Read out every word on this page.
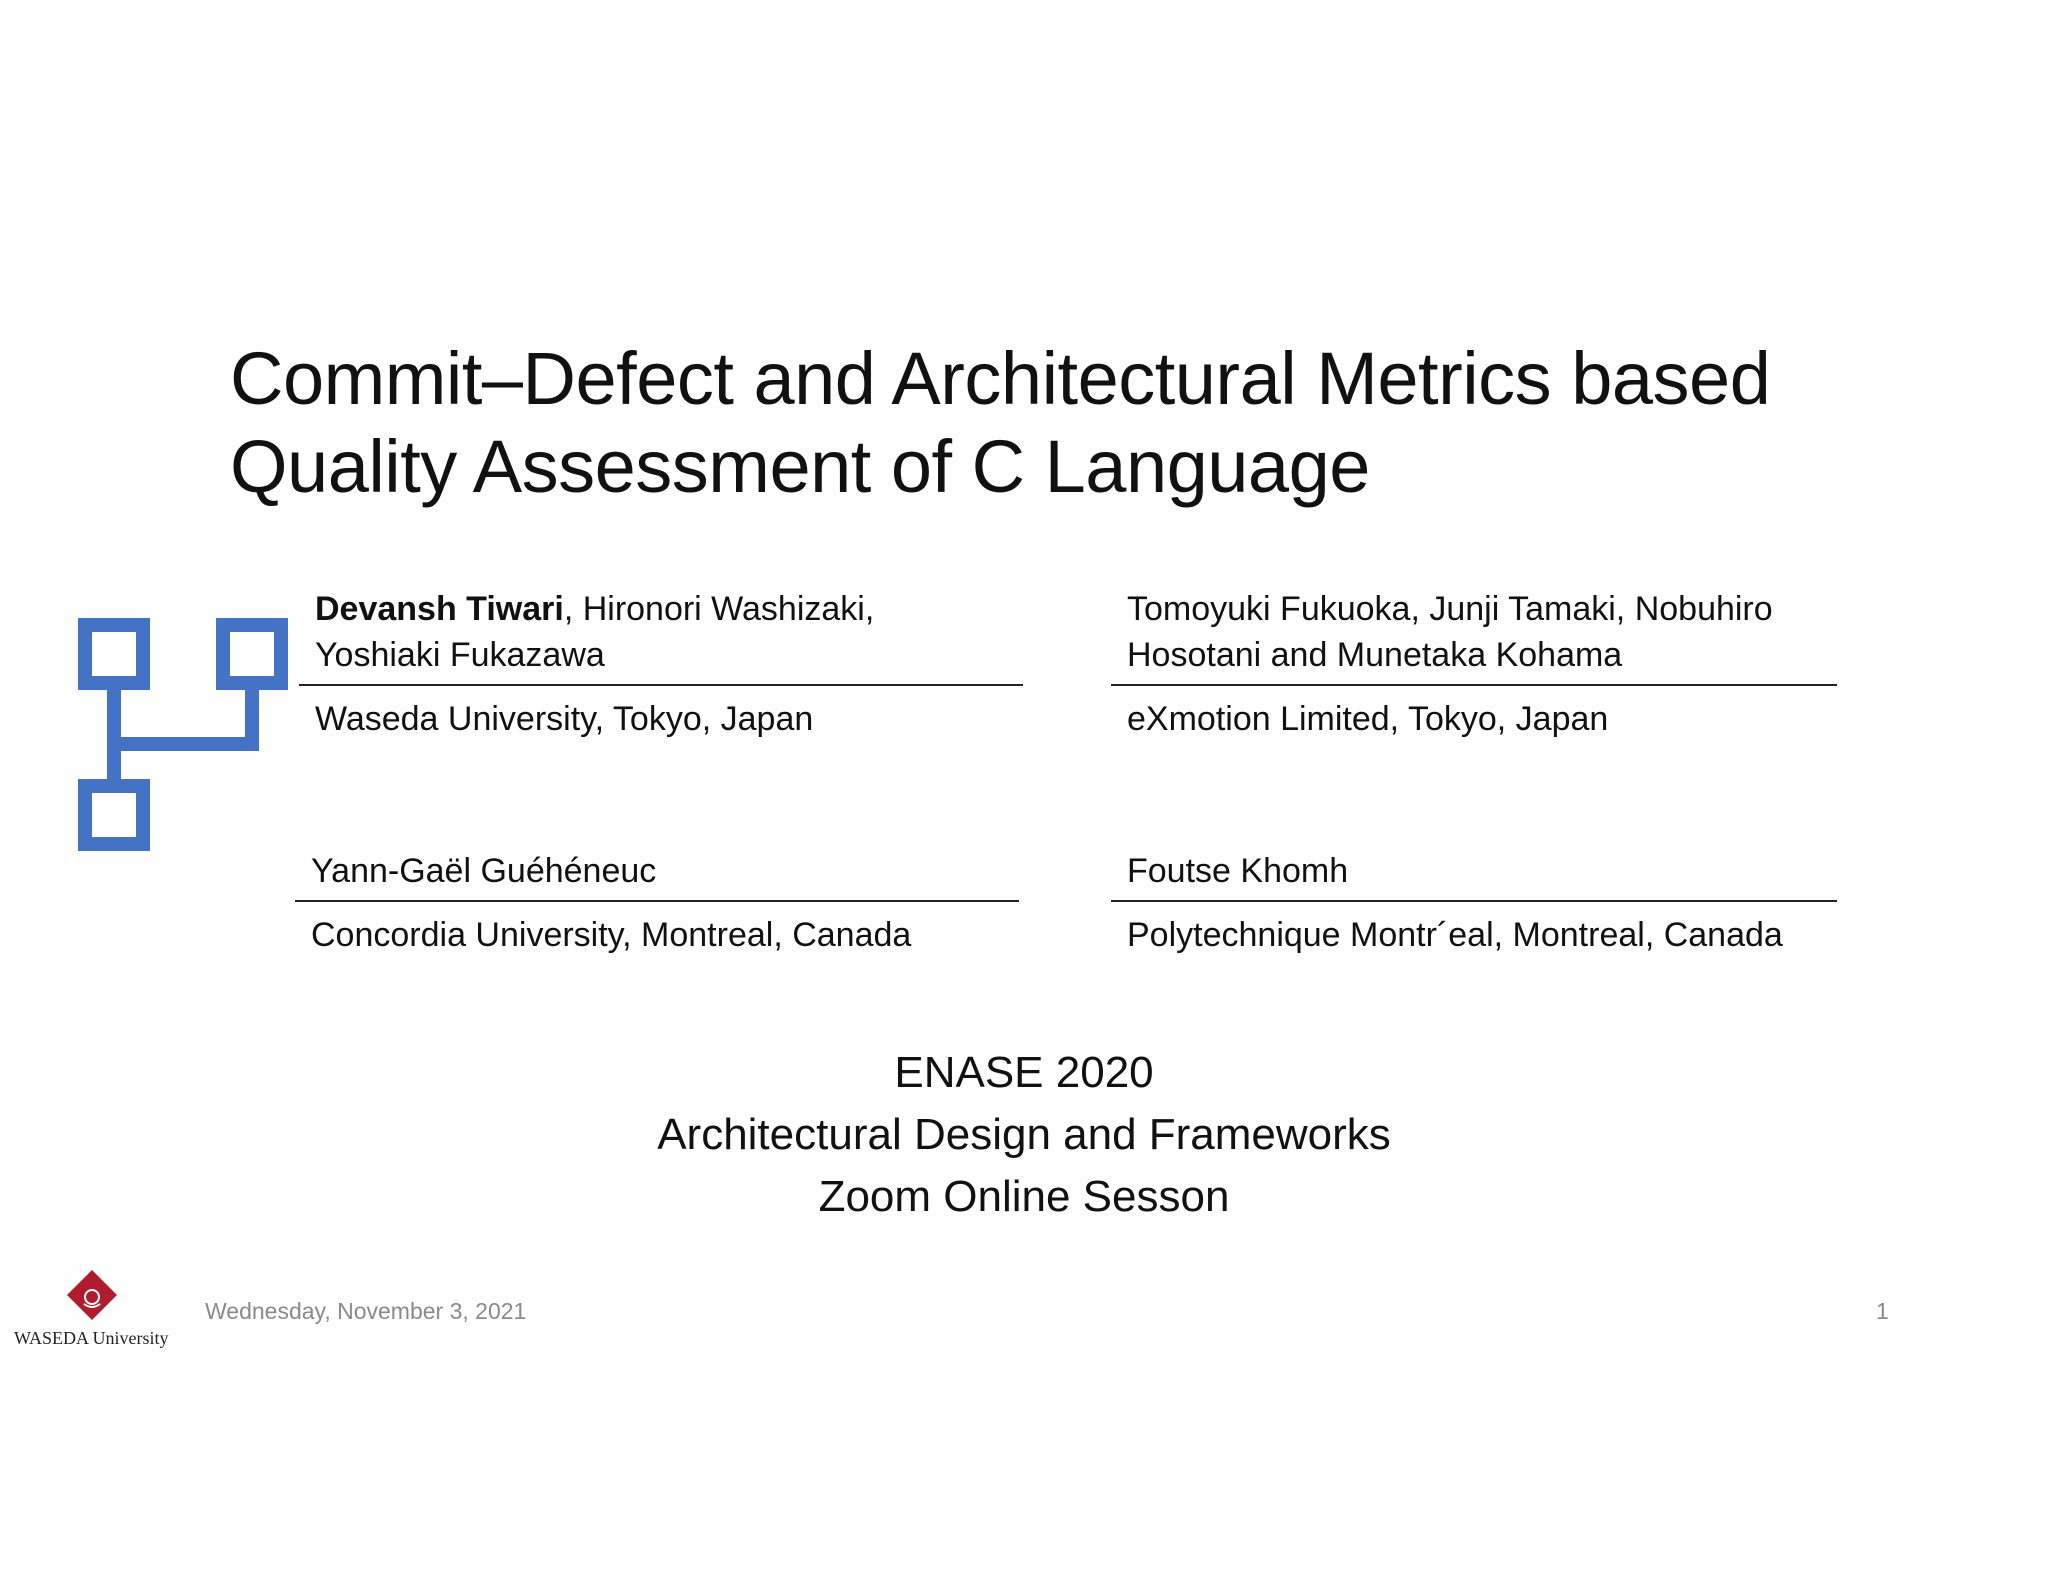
Commit–Defect and Architectural Metrics based
Quality Assessment of C Language
Devansh Tiwari, Hironori Washizaki,
Yoshiaki Fukazawa
Waseda University, Tokyo, Japan
Tomoyuki Fukuoka, Junji Tamaki, Nobuhiro
Hosotani and Munetaka Kohama
eXmotion Limited, Tokyo, Japan
Yann-Gaël Guéhéneuc
Concordia University, Montreal, Canada
Foutse Khomh
Polytechnique Montr´eal, Montreal, Canada
ENASE 2020
Architectural Design and Frameworks
Zoom Online Sesson
WASEDA University
Wednesday, November 3, 2021	1
